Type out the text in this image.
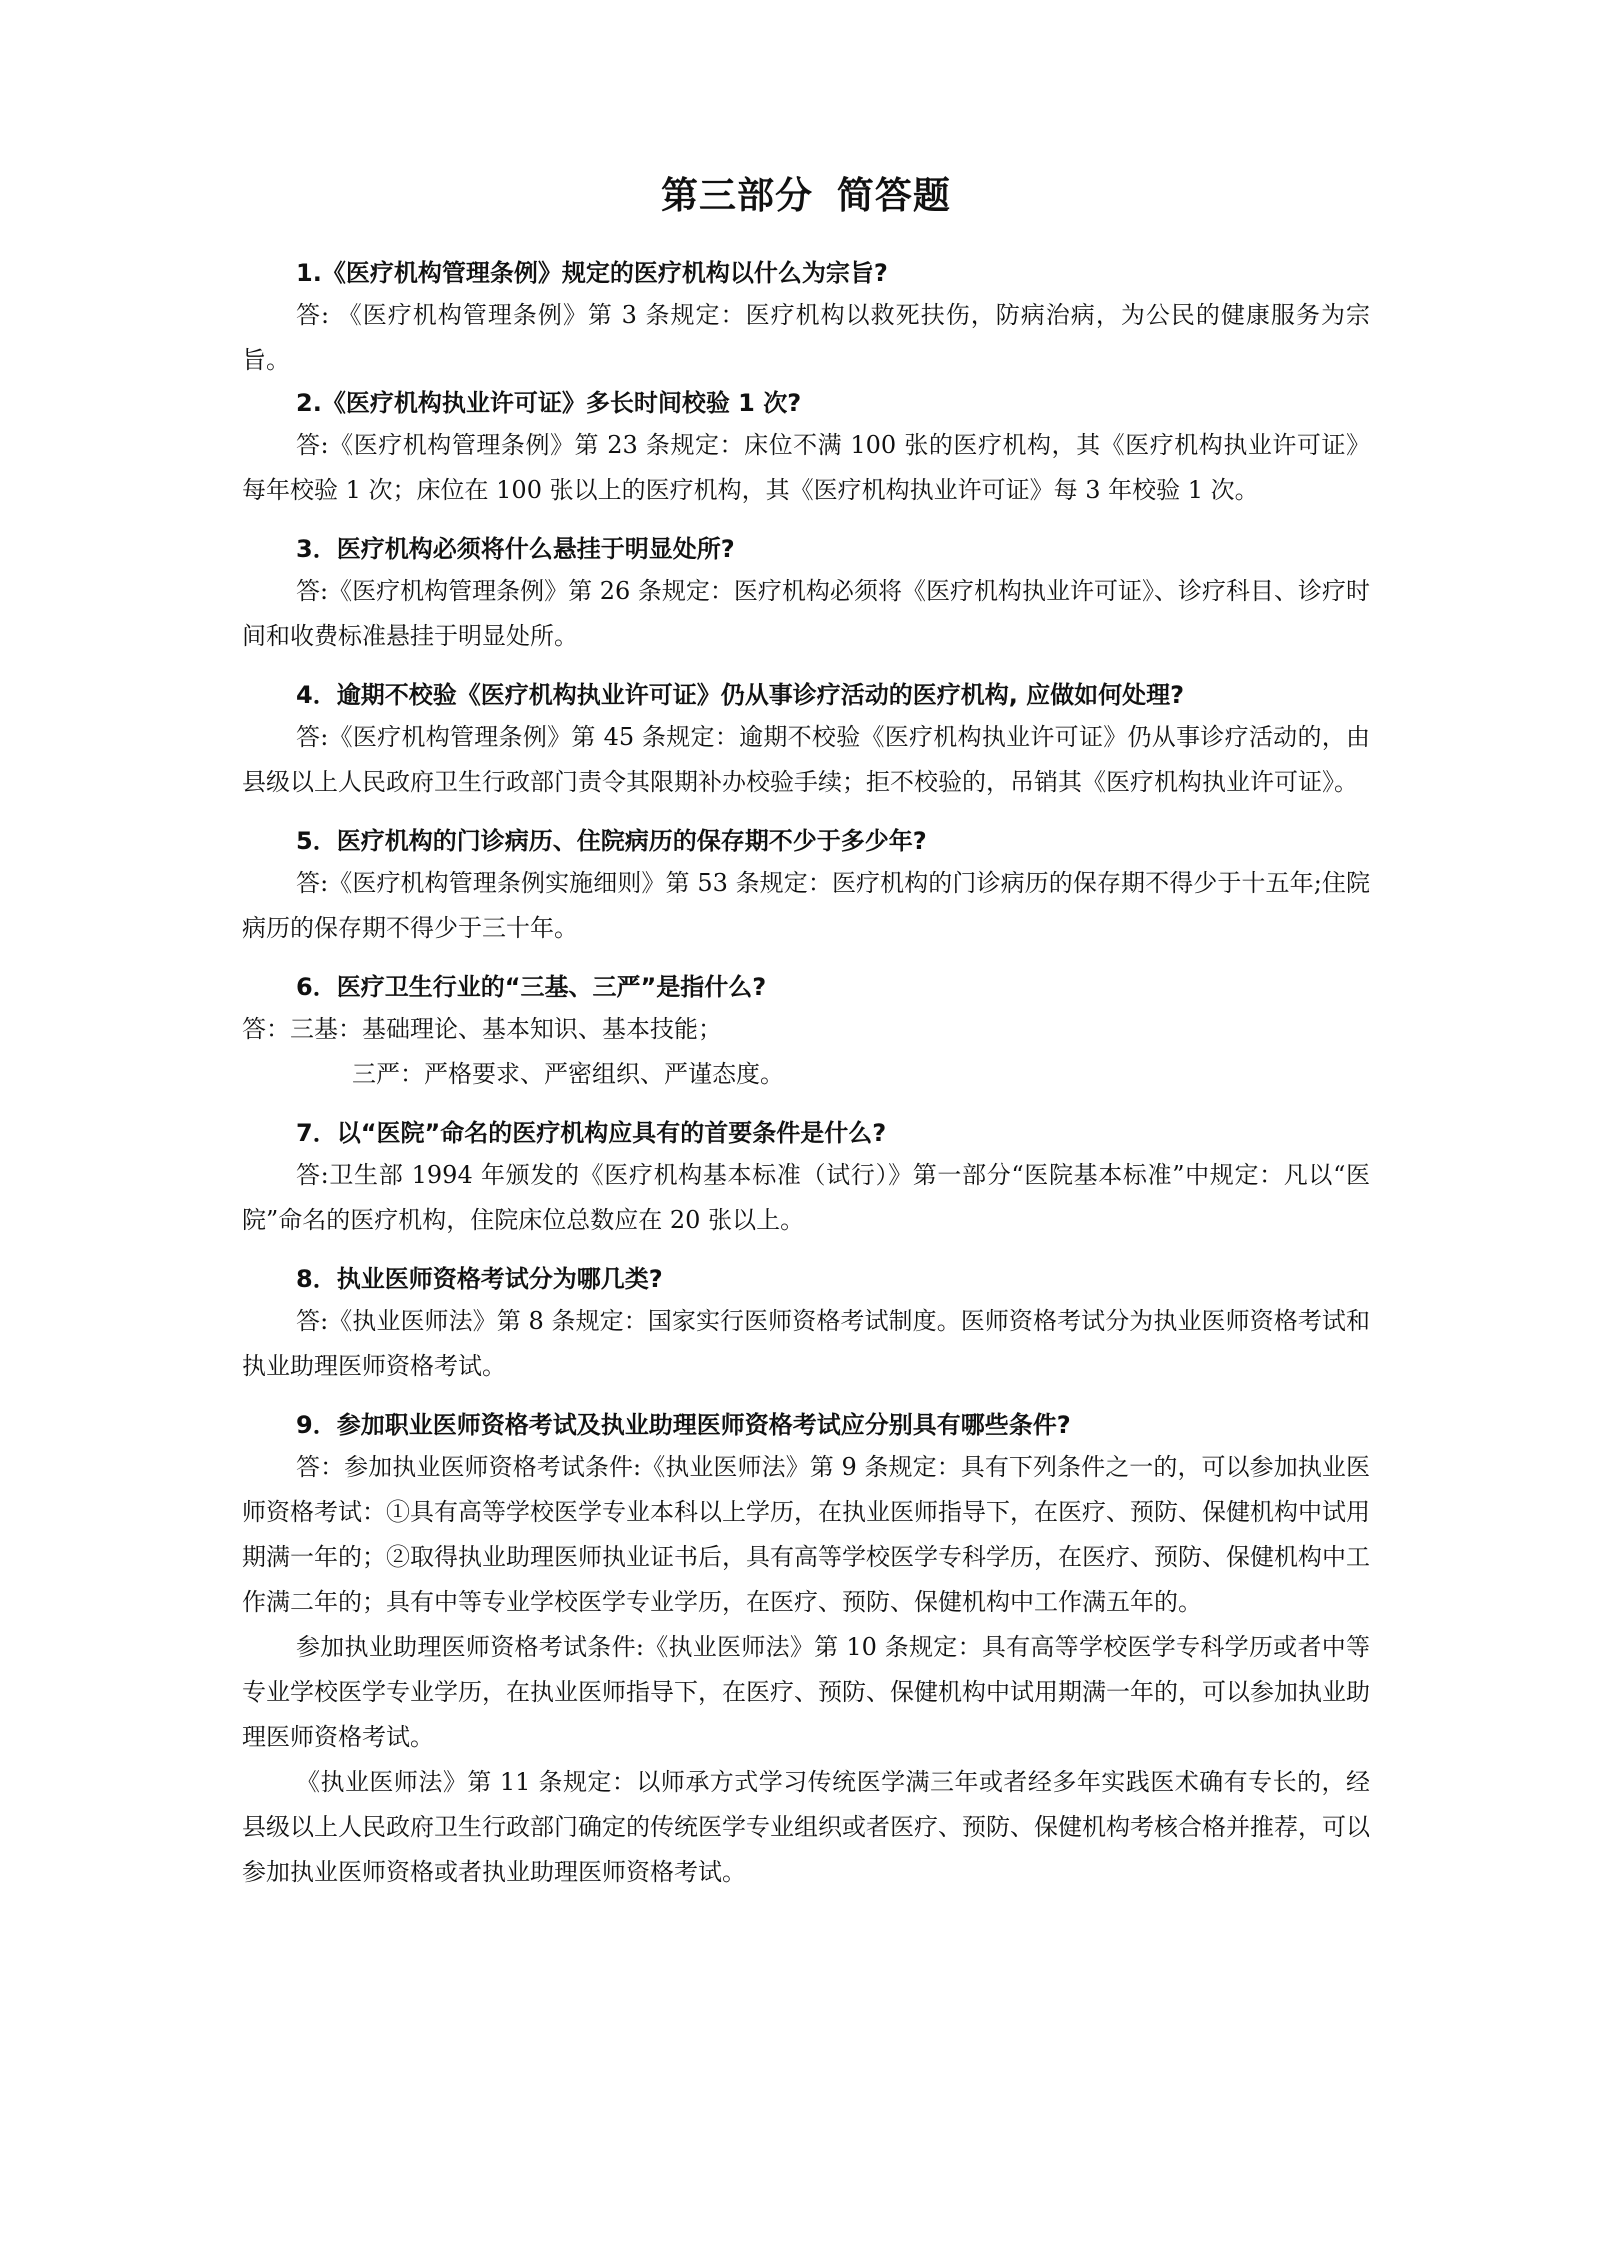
第三部分 简答题

1.《医疗机构管理条例》规定的医疗机构以什么为宗旨?

答: 《医疗机构管理条例》第 3 条规定：医疗机构以救死扶伤，防病治病，为公民的健康服务为宗旨。

2.《医疗机构执业许可证》多长时间校验 1 次?

答:《医疗机构管理条例》第 23 条规定：床位不满 100 张的医疗机构，其《医疗机构执业许可证》每年校验 1 次；床位在 100 张以上的医疗机构，其《医疗机构执业许可证》每 3 年校验 1 次。

3．医疗机构必须将什么悬挂于明显处所?

答:《医疗机构管理条例》第 26 条规定：医疗机构必须将《医疗机构执业许可证》、诊疗科目、诊疗时间和收费标准悬挂于明显处所。

4．逾期不校验《医疗机构执业许可证》仍从事诊疗活动的医疗机构, 应做如何处理?

答:《医疗机构管理条例》第 45 条规定：逾期不校验《医疗机构执业许可证》仍从事诊疗活动的，由县级以上人民政府卫生行政部门责令其限期补办校验手续；拒不校验的，吊销其《医疗机构执业许可证》。

5．医疗机构的门诊病历、住院病历的保存期不少于多少年?

答:《医疗机构管理条例实施细则》第 53 条规定：医疗机构的门诊病历的保存期不得少于十五年;住院病历的保存期不得少于三十年。

6．医疗卫生行业的“三基、三严”是指什么?

答：三基：基础理论、基本知识、基本技能；

三严：严格要求、严密组织、严谨态度。

7．以“医院”命名的医疗机构应具有的首要条件是什么?

答:卫生部 1994 年颁发的《医疗机构基本标准（试行）》第一部分“医院基本标准”中规定：凡以“医院”命名的医疗机构，住院床位总数应在 20 张以上。

8．执业医师资格考试分为哪几类?

答:《执业医师法》第 8 条规定：国家实行医师资格考试制度。医师资格考试分为执业医师资格考试和执业助理医师资格考试。

9．参加职业医师资格考试及执业助理医师资格考试应分别具有哪些条件?

答：参加执业医师资格考试条件:《执业医师法》第 9 条规定：具有下列条件之一的，可以参加执业医师资格考试：①具有高等学校医学专业本科以上学历，在执业医师指导下，在医疗、预防、保健机构中试用期满一年的；②取得执业助理医师执业证书后，具有高等学校医学专科学历，在医疗、预防、保健机构中工作满二年的；具有中等专业学校医学专业学历，在医疗、预防、保健机构中工作满五年的。

参加执业助理医师资格考试条件:《执业医师法》第 10 条规定：具有高等学校医学专科学历或者中等专业学校医学专业学历，在执业医师指导下，在医疗、预防、保健机构中试用期满一年的，可以参加执业助理医师资格考试。

《执业医师法》第 11 条规定：以师承方式学习传统医学满三年或者经多年实践医术确有专长的，经县级以上人民政府卫生行政部门确定的传统医学专业组织或者医疗、预防、保健机构考核合格并推荐，可以参加执业医师资格或者执业助理医师资格考试。
